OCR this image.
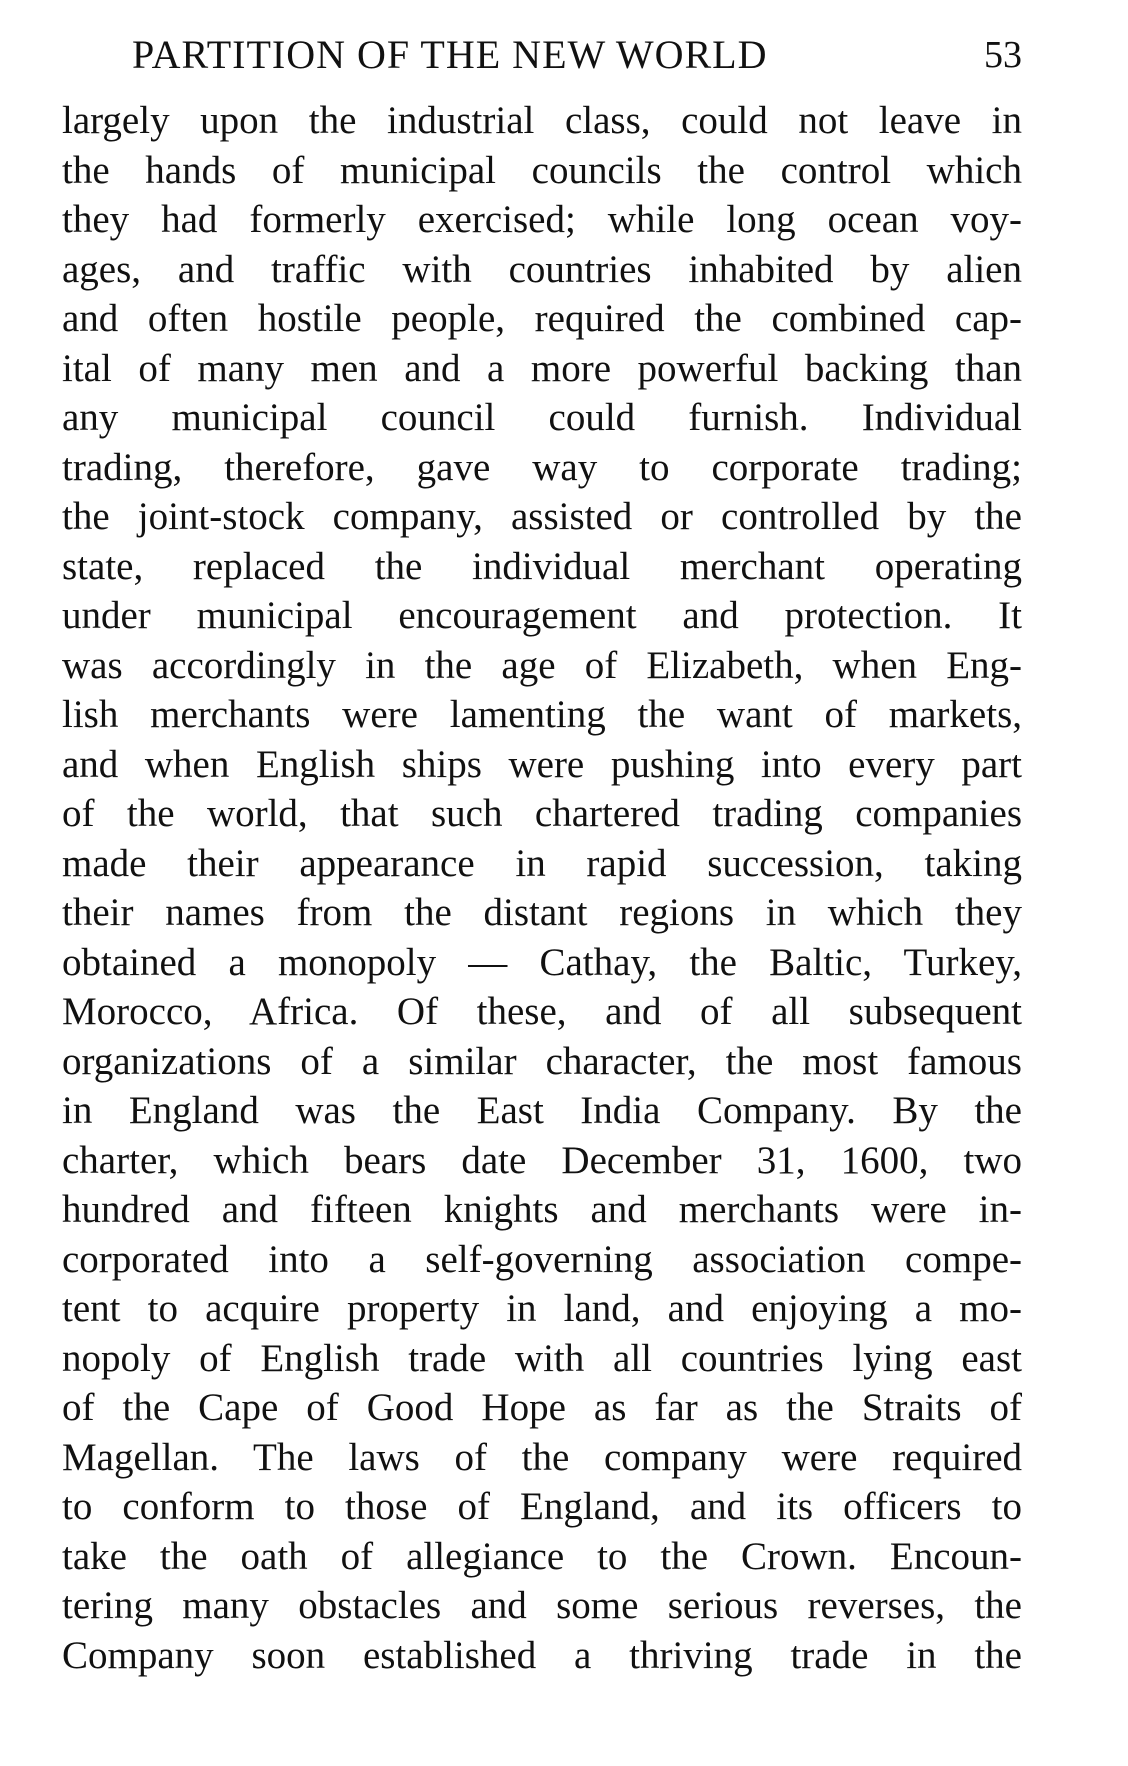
PARTITION OF THE NEW WORLD	53
largely upon the industrial class, could not leave in
the hands of municipal councils the control which
they had formerly exercised; while long ocean voy-
ages, and traffic with countries inhabited by alien
and often hostile people, required the combined cap-
ital of many men and a more powerful backing than
any municipal council could furnish. Individual
trading, therefore, gave way to corporate trading;
the joint-stock company, assisted or controlled by the
state, replaced the individual merchant operating
under municipal encouragement and protection. It
was accordingly in the age of Elizabeth, when Eng-
lish merchants were lamenting the want of markets,
and when English ships were pushing into every part
of the world, that such chartered trading companies
made their appearance in rapid succession, taking
their names from the distant regions in which they
obtained a monopoly — Cathay, the Baltic, Turkey,
Morocco, Africa. Of these, and of all subsequent
organizations of a similar character, the most famous
in England was the East India Company. By the
charter, which bears date December 31, 1600, two
hundred and fifteen knights and merchants were in-
corporated into a self-governing association compe-
tent to acquire property in land, and enjoying a mo-
nopoly of English trade with all countries lying east
of the Cape of Good Hope as far as the Straits of
Magellan. The laws of the company were required
to conform to those of England, and its officers to
take the oath of allegiance to the Crown. Encoun-
tering many obstacles and some serious reverses, the
Company soon established a thriving trade in the
